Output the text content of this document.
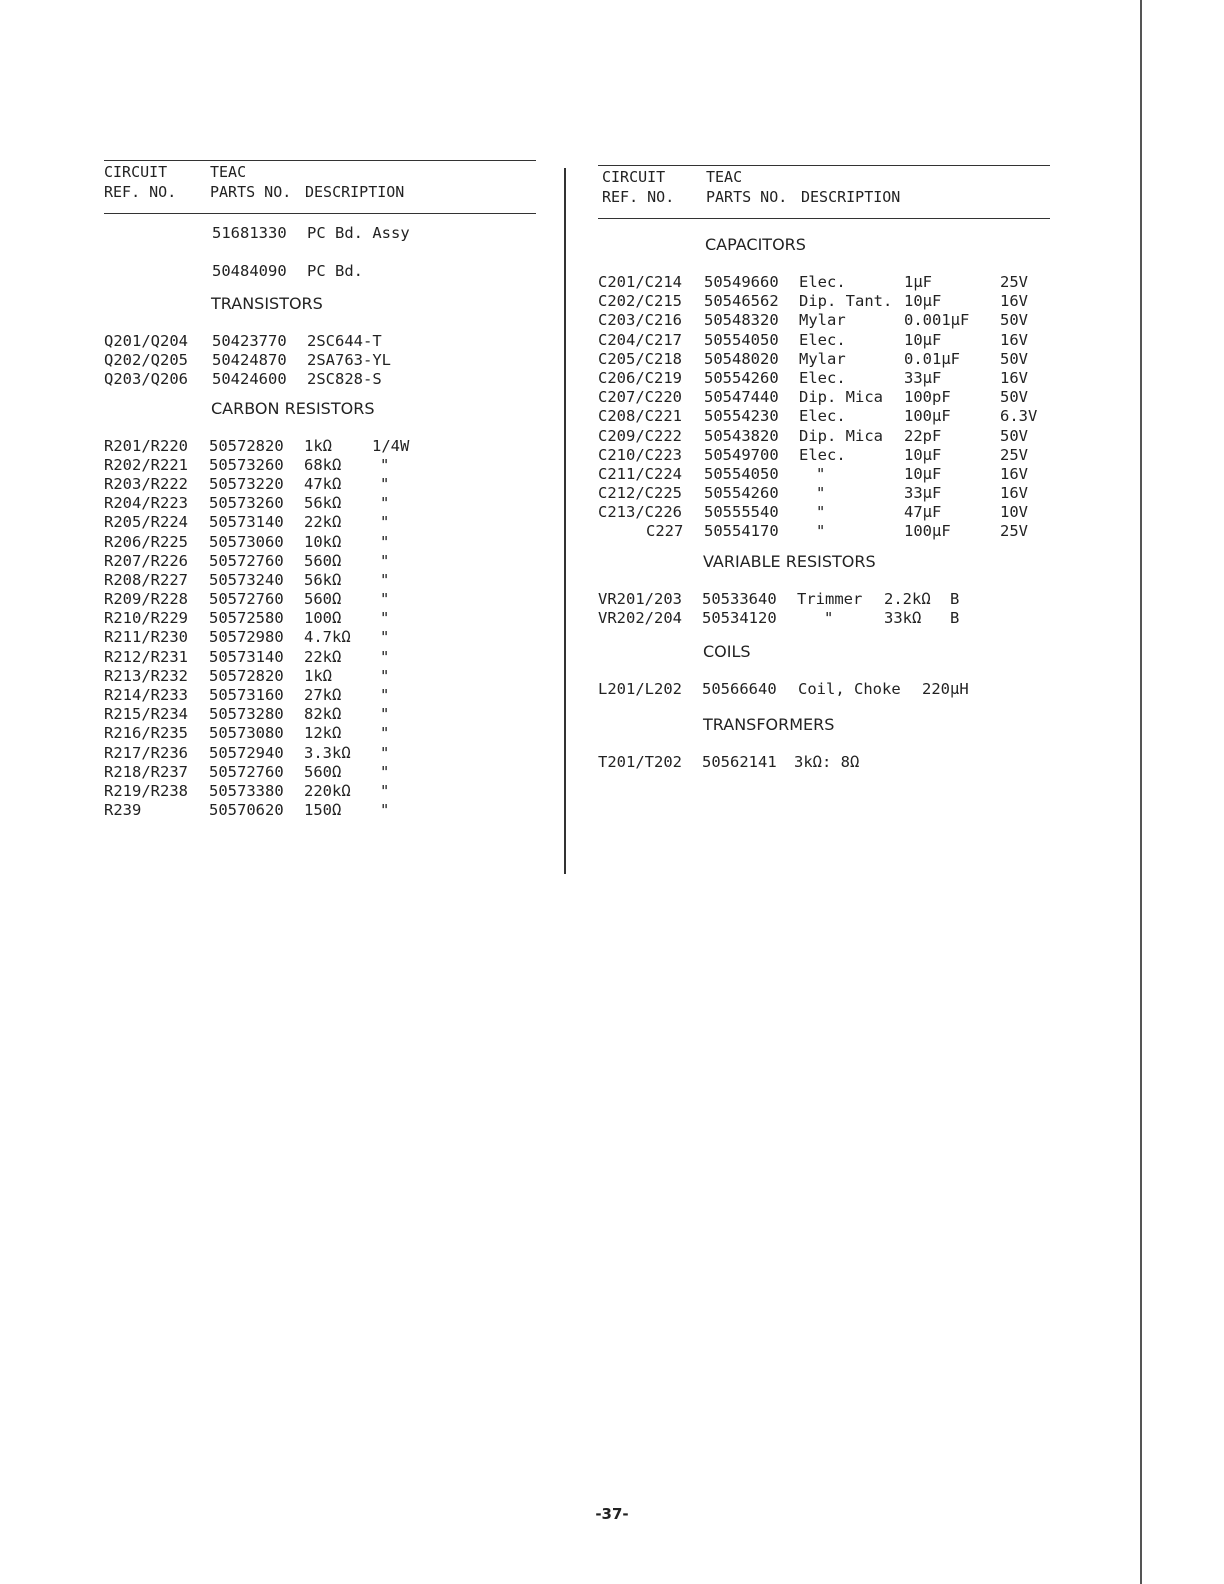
CIRCUIT
REF. NO.
TEAC
PARTS NO. DESCRIPTION
51681330 PC Bd. Assy
50484090 PC Bd.
TRANSISTORS
Q201/Q204 50423770 2SC644-T
Q202/Q205 50424870 2SA763-YL
Q203/Q206 50424600 2SC828-S
CARBON RESISTORS
R201/R220 50572820 1kΩ	1/4W
R202/R221 50573260 68kΩ "
R203/R222 50573220 47kΩ "
R204/R223 50573260 56kΩ "
R205/R224 50573140 22kΩ "
R206/R225 50573060 10kΩ "
R207/R226 50572760 560Ω "
R208/R227 50573240 56kΩ "
R209/R228 50572760 560Ω "
R210/R229 50572580 100Ω "
R211/R230 50572980 4.7kΩ "
R212/R231 50573140 22kΩ "
R213/R232 50572820 1kΩ	"
R214/R233 50573160 27kΩ "
R215/R234 50573280 82kΩ "
R216/R235 50573080 12kΩ "
R217/R236 50572940 3.3kΩ "
R218/R237 50572760 560Ω "
R219/R238 50573380 220kΩ "
R239	50570620 150Ω "
CIRCUIT
REF. NO.
TEAC
PARTS NO. DESCRIPTION
CAPACITORS
C201/C214 50549660 Elec.	1μF	25V
C202/C215 50546562 Dip. Tant. 10μF	16V
C203/C216 50548320 Mylar	0.001μF 50V
C204/C217 50554050 Elec.	10μF	16V
C205/C218 50548020 Mylar	0.01μF	50V
C206/C219 50554260 Elec.	33μF	16V
C207/C220 50547440 Dip. Mica 100pF	50V
C208/C221 50554230 Elec.	100μF	6.3V
C209/C222 50543820 Dip. Mica 22pF	50V
C210/C223 50549700 Elec.	10μF	25V
C211/C224 50554050 "	10μF	16V
C212/C225 50554260 "	33μF	16V
C213/C226 50555540 "	47μF	10V
C227 50554170 "	100μF	25V
VARIABLE RESISTORS
VR201/203 50533640 Trimmer 2.2kΩ B
VR202/204 50534120	"	33kΩ B
COILS
L201/L202 50566640 Coil, Choke 220μH
TRANSFORMERS
T201/T202 50562141 3kΩ: 8Ω
-37-
